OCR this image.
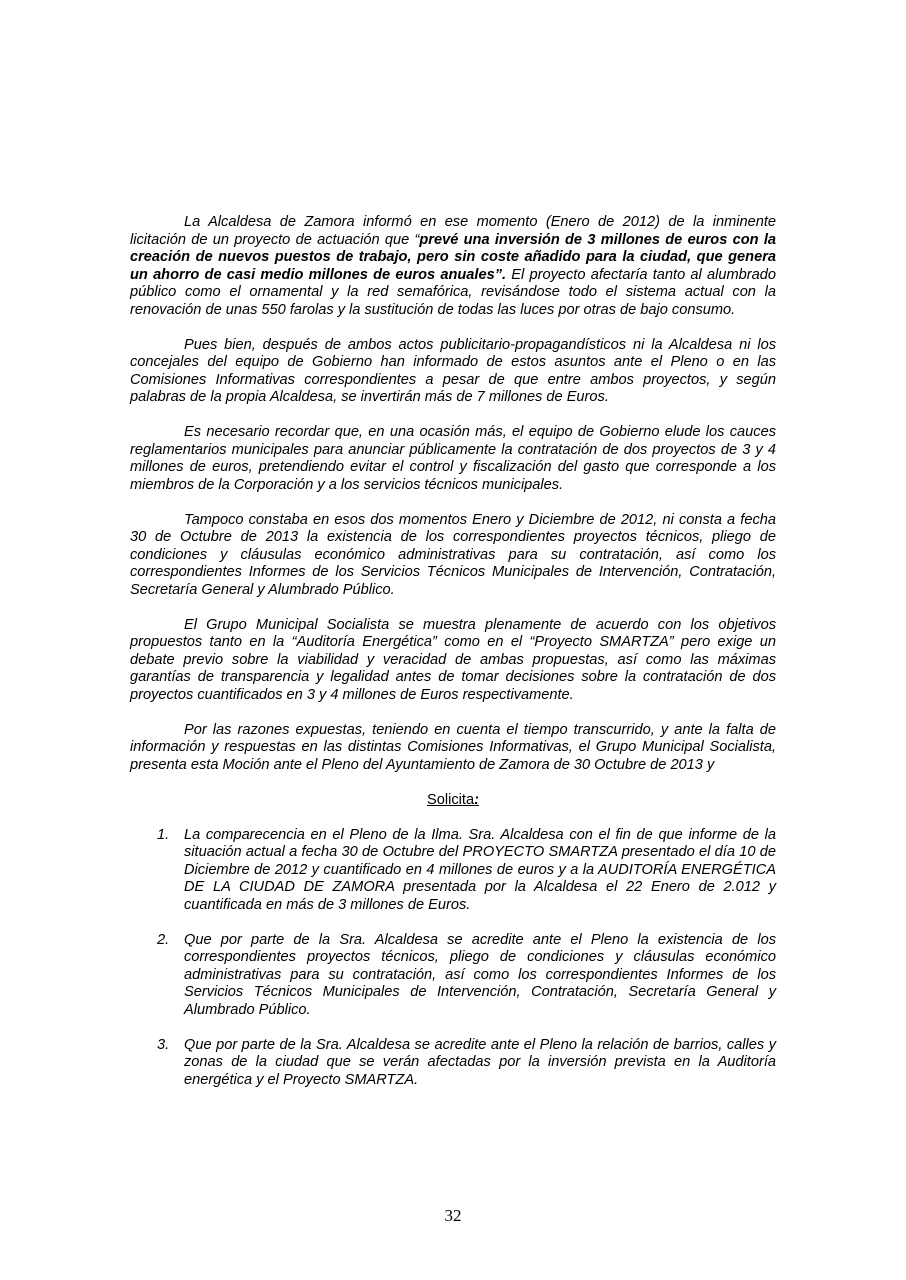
La Alcaldesa de Zamora informó en ese momento (Enero de 2012) de la inminente licitación de un proyecto de actuación que “prevé una inversión de 3 millones de euros con la creación de nuevos puestos de trabajo, pero sin coste añadido para la ciudad, que genera un ahorro de casi medio millones de euros anuales”. El proyecto afectaría tanto al alumbrado público como el ornamental y la red semafórica, revisándose todo el sistema actual con la renovación de unas 550 farolas y la sustitución de todas las luces por otras de bajo consumo.

Pues bien, después de ambos actos publicitario-propagandísticos ni la Alcaldesa ni los concejales del equipo de Gobierno han informado de estos asuntos ante el Pleno o en las Comisiones Informativas correspondientes a pesar de que entre ambos proyectos, y según palabras de la propia Alcaldesa, se invertirán más de 7 millones de Euros.

Es necesario recordar que, en una ocasión más, el equipo de Gobierno elude los cauces reglamentarios municipales para anunciar públicamente la contratación de dos proyectos de 3 y 4 millones de euros, pretendiendo evitar el control y fiscalización del gasto que corresponde a los miembros de la Corporación y a los servicios técnicos municipales.

Tampoco constaba en esos dos momentos Enero y Diciembre de 2012, ni consta a fecha 30 de Octubre de 2013 la existencia de los correspondientes proyectos técnicos, pliego de condiciones y cláusulas económico administrativas para su contratación, así como los correspondientes Informes de los Servicios Técnicos Municipales de Intervención, Contratación, Secretaría General y Alumbrado Público.

El Grupo Municipal Socialista se muestra plenamente de acuerdo con los objetivos propuestos tanto en la “Auditoría Energética” como en el “Proyecto SMARTZA” pero exige un debate previo sobre la viabilidad y veracidad de ambas propuestas, así como las máximas garantías de transparencia y legalidad antes de tomar decisiones sobre la contratación de dos proyectos cuantificados en 3 y 4 millones de Euros respectivamente.

Por las razones expuestas, teniendo en cuenta el tiempo transcurrido, y ante la falta de información y respuestas en las distintas Comisiones Informativas, el Grupo Municipal Socialista, presenta esta Moción ante el Pleno del Ayuntamiento de Zamora de 30 Octubre de 2013 y

Solicita:
1. La comparecencia en el Pleno de la Ilma. Sra. Alcaldesa con el fin de que informe de la situación actual a fecha 30 de Octubre del PROYECTO SMARTZA presentado el día 10 de Diciembre de 2012 y cuantificado en 4 millones de euros y a la AUDITORÍA ENERGÉTICA DE LA CIUDAD DE ZAMORA presentada por la Alcaldesa el 22 Enero de 2.012 y cuantificada en más de 3 millones de Euros.
2. Que por parte de la Sra. Alcaldesa se acredite ante el Pleno la existencia de los correspondientes proyectos técnicos, pliego de condiciones y cláusulas económico administrativas para su contratación, así como los correspondientes Informes de los Servicios Técnicos Municipales de Intervención, Contratación, Secretaría General y Alumbrado Público.
3. Que por parte de la Sra. Alcaldesa se acredite ante el Pleno la relación de barrios, calles y zonas de la ciudad que se verán afectadas por la inversión prevista en la Auditoría energética y el Proyecto SMARTZA.
32
